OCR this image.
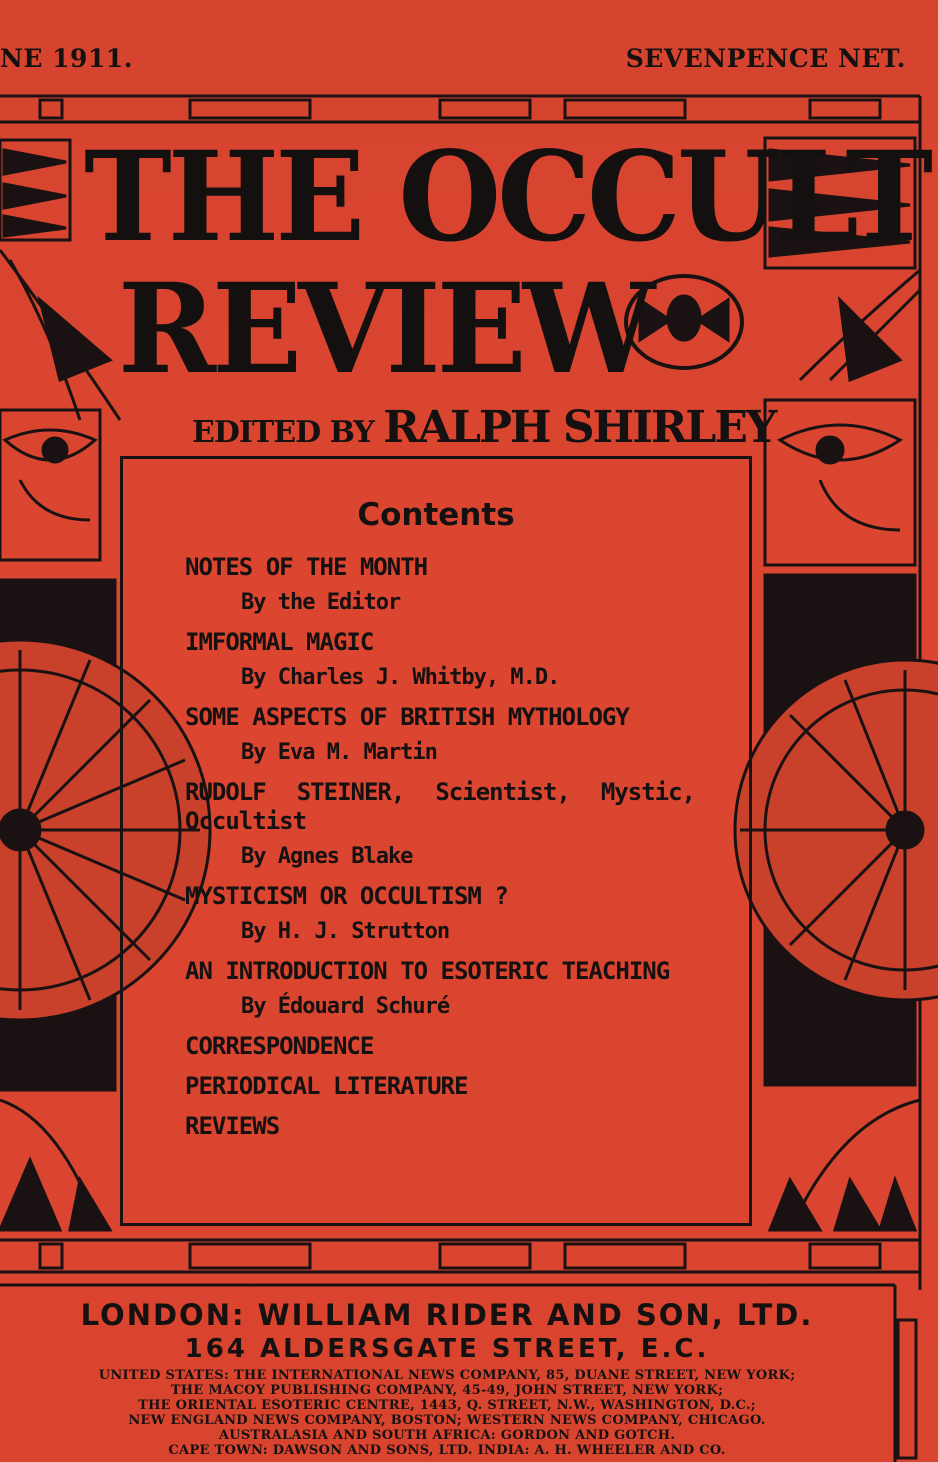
NE 1911.	SEVENPENCE NET.
THE OCCULT
REVIEW
EDITED BY RALPH SHIRLEY
Contents
NOTES OF THE MONTH
By the Editor
IMFORMAL MAGIC
By Charles J. Whitby, M.D.
SOME ASPECTS OF BRITISH MYTHOLOGY
By Eva M. Martin
RUDOLF STEINER, Scientist, Mystic, Occultist
By Agnes Blake
MYSTICISM OR OCCULTISM ?
By H. J. Strutton
AN INTRODUCTION TO ESOTERIC TEACHING
By Édouard Schuré
CORRESPONDENCE
PERIODICAL LITERATURE
REVIEWS
LONDON: WILLIAM RIDER AND SON, LTD.
164 ALDERSGATE STREET, E.C.
UNITED STATES: THE INTERNATIONAL NEWS COMPANY, 85, DUANE STREET, NEW YORK;
THE MACOY PUBLISHING COMPANY, 45-49, JOHN STREET, NEW YORK;
THE ORIENTAL ESOTERIC CENTRE, 1443, Q. STREET, N.W., WASHINGTON, D.C.;
NEW ENGLAND NEWS COMPANY, BOSTON; WESTERN NEWS COMPANY, CHICAGO.
AUSTRALASIA AND SOUTH AFRICA: GORDON AND GOTCH.
CAPE TOWN: DAWSON AND SONS, LTD. INDIA: A. H. WHEELER AND CO.
